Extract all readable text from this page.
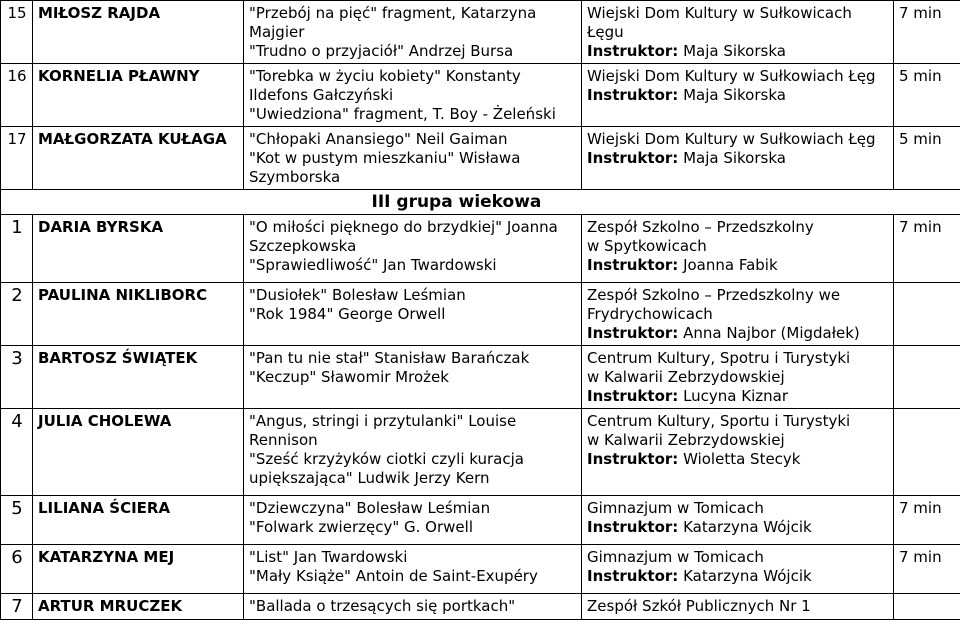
15	MIŁOSZ RAJDA	"Przebój na pięć" fragment, Katarzyna Majgier
"Trudno o przyjaciół" Andrzej Bursa	Wiejski Dom Kultury w Sułkowicach Łęgu
Instruktor: Maja Sikorska	7 min
16	KORNELIA PŁAWNY	"Torebka w życiu kobiety" Konstanty Ildefons Gałczyński
"Uwiedziona" fragment, T. Boy - Żeleński	Wiejski Dom Kultury w Sułkowiach Łęg
Instruktor: Maja Sikorska	5 min
17	MAŁGORZATA KUŁAGA	"Chłopaki Anansiego" Neil Gaiman
"Kot w pustym mieszkaniu" Wisława Szymborska	Wiejski Dom Kultury w Sułkowiach Łęg
Instruktor: Maja Sikorska	5 min
		III grupa wiekowa		
1	DARIA BYRSKA	"O miłości pięknego do brzydkiej" Joanna Szczepkowska
"Sprawiedliwość" Jan Twardowski	Zespół Szkolno – Przedszkolny
w Spytkowicach
Instruktor: Joanna Fabik	7 min
2	PAULINA NIKLIBORC	"Dusiołek" Bolesław Leśmian
"Rok 1984" George Orwell	Zespół Szkolno – Przedszkolny we Frydrychowicach
Instruktor: Anna Najbor (Migdałek)	

3	BARTOSZ ŚWIĄTEK	"Pan tu nie stał" Stanisław Barańczak
"Keczup" Sławomir Mrożek	Centrum Kultury, Spotru i Turystyki
w Kalwarii Zebrzydowskiej
Instruktor: Lucyna Kiznar	

4	JULIA CHOLEWA	"Angus, stringi i przytulanki" Louise Rennison
"Sześć krzyżyków ciotki czyli kuracja upiększająca" Ludwik Jerzy Kern	Centrum Kultury, Sportu i Turystyki
w Kalwarii Zebrzydowskiej
Instruktor: Wioletta Stecyk	

5	LILIANA ŚCIERA	"Dziewczyna" Bolesław Leśmian
"Folwark zwierzęcy" G. Orwell	Gimnazjum w Tomicach
Instruktor: Katarzyna Wójcik	7 min
6	KATARZYNA MEJ	"List" Jan Twardowski
"Mały Książe" Antoin de Saint-Exupéry	Gimnazjum w Tomicach
Instruktor: Katarzyna Wójcik	7 min
7	ARTUR MRUCZEK	"Ballada o trzesących się portkach"	Zespół Szkół Publicznych Nr 1	
